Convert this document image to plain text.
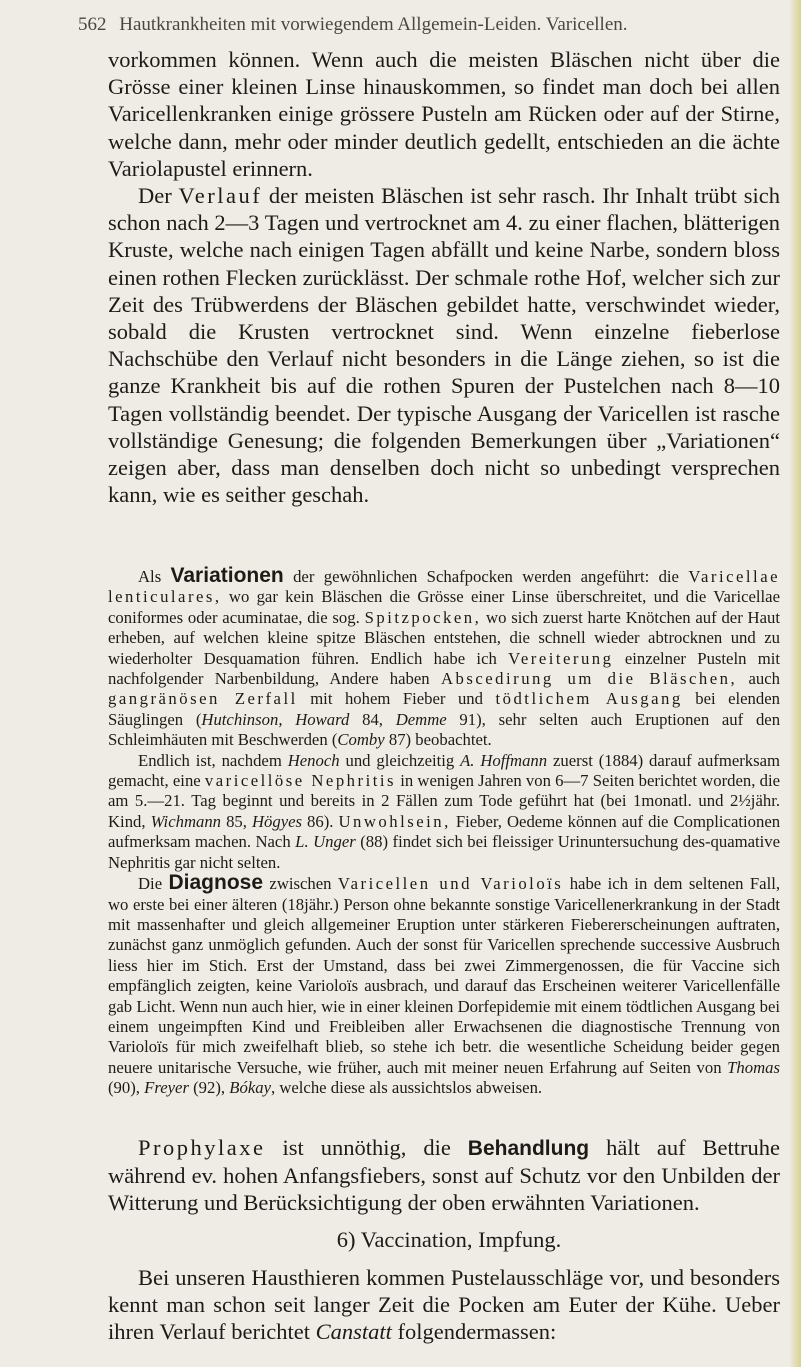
562 Hautkrankheiten mit vorwiegendem Allgemein-Leiden. Varicellen.

vorkommen können. Wenn auch die meisten Bläschen nicht über die Grösse einer kleinen Linse hinauskommen, so findet man doch bei allen Varicellenkranken einige grössere Pusteln am Rücken oder auf der Stirne, welche dann, mehr oder minder deutlich gedellt, entschieden an die ächte Variolapustel erinnern.

Der Verlauf der meisten Bläschen ist sehr rasch. Ihr Inhalt trübt sich schon nach 2—3 Tagen und vertrocknet am 4. zu einer flachen, blätterigen Kruste, welche nach einigen Tagen abfällt und keine Narbe, sondern bloss einen rothen Flecken zurücklässt. Der schmale rothe Hof, welcher sich zur Zeit des Trübwerdens der Bläschen gebildet hatte, verschwindet wieder, sobald die Krusten vertrocknet sind. Wenn einzelne fieberlose Nachschübe den Verlauf nicht besonders in die Länge ziehen, so ist die ganze Krankheit bis auf die rothen Spuren der Pustelchen nach 8—10 Tagen vollständig beendet. Der typische Ausgang der Varicellen ist rasche vollständige Genesung; die folgenden Bemerkungen über „Variationen“ zeigen aber, dass man denselben doch nicht so unbedingt versprechen kann, wie es seither geschah.

Als Variationen der gewöhnlichen Schafpocken werden angeführt: die Varicellae lenticulares, wo gar kein Bläschen die Grösse einer Linse überschreitet, und die Varicellae coniformes oder acuminatae, die sog. Spitzpocken, wo sich zuerst harte Knötchen auf der Haut erheben, auf welchen kleine spitze Bläschen entstehen, die schnell wieder abtrocknen und zu wiederholter Desquamation führen. Endlich habe ich Vereiterung einzelner Pusteln mit nachfolgender Narbenbildung, Andere haben Abscedirung um die Bläschen, auch gangränösen Zerfall mit hohem Fieber und tödtlichem Ausgang bei elenden Säuglingen (Hutchinson, Howard 84, Demme 91), sehr selten auch Eruptionen auf den Schleimhäuten mit Beschwerden (Comby 87) beobachtet.

Endlich ist, nachdem Henoch und gleichzeitig A. Hoffmann zuerst (1884) darauf aufmerksam gemacht, eine varicellöse Nephritis in wenigen Jahren von 6—7 Seiten berichtet worden, die am 5.—21. Tag beginnt und bereits in 2 Fällen zum Tode geführt hat (bei 1monatl. und 2½jähr. Kind, Wichmann 85, Högyes 86). Unwohlsein, Fieber, Oedeme können auf die Complicationen aufmerksam machen. Nach L. Unger (88) findet sich bei fleissiger Urinuntersuchung des-quamative Nephritis gar nicht selten.

Die Diagnose zwischen Varicellen und Varioloïs habe ich in dem seltenen Fall, wo erste bei einer älteren (18jähr.) Person ohne bekannte sonstige Varicellenerkrankung in der Stadt mit massenhafter und gleich allgemeiner Eruption unter stärkeren Fiebererscheinungen auftraten, zunächst ganz unmöglich gefunden. Auch der sonst für Varicellen sprechende successive Ausbruch liess hier im Stich. Erst der Umstand, dass bei zwei Zimmergenossen, die für Vaccine sich empfänglich zeigten, keine Varioloïs ausbrach, und darauf das Erscheinen weiterer Varicellenfälle gab Licht. Wenn nun auch hier, wie in einer kleinen Dorfepidemie mit einem tödtlichen Ausgang bei einem ungeimpften Kind und Freibleiben aller Erwachsenen die diagnostische Trennung von Varioloïs für mich zweifelhaft blieb, so stehe ich betr. die wesentliche Scheidung beider gegen neuere unitarische Versuche, wie früher, auch mit meiner neuen Erfahrung auf Seiten von Thomas (90), Freyer (92), Bókay, welche diese als aussichtslos abweisen.

Prophylaxe ist unnöthig, die Behandlung hält auf Bettruhe während ev. hohen Anfangsfiebers, sonst auf Schutz vor den Unbilden der Witterung und Berücksichtigung der oben erwähnten Variationen.

6) Vaccination, Impfung.

Bei unseren Hausthieren kommen Pustelausschläge vor, und besonders kennt man schon seit langer Zeit die Pocken am Euter der Kühe. Ueber ihren Verlauf berichtet Canstatt folgendermassen:
